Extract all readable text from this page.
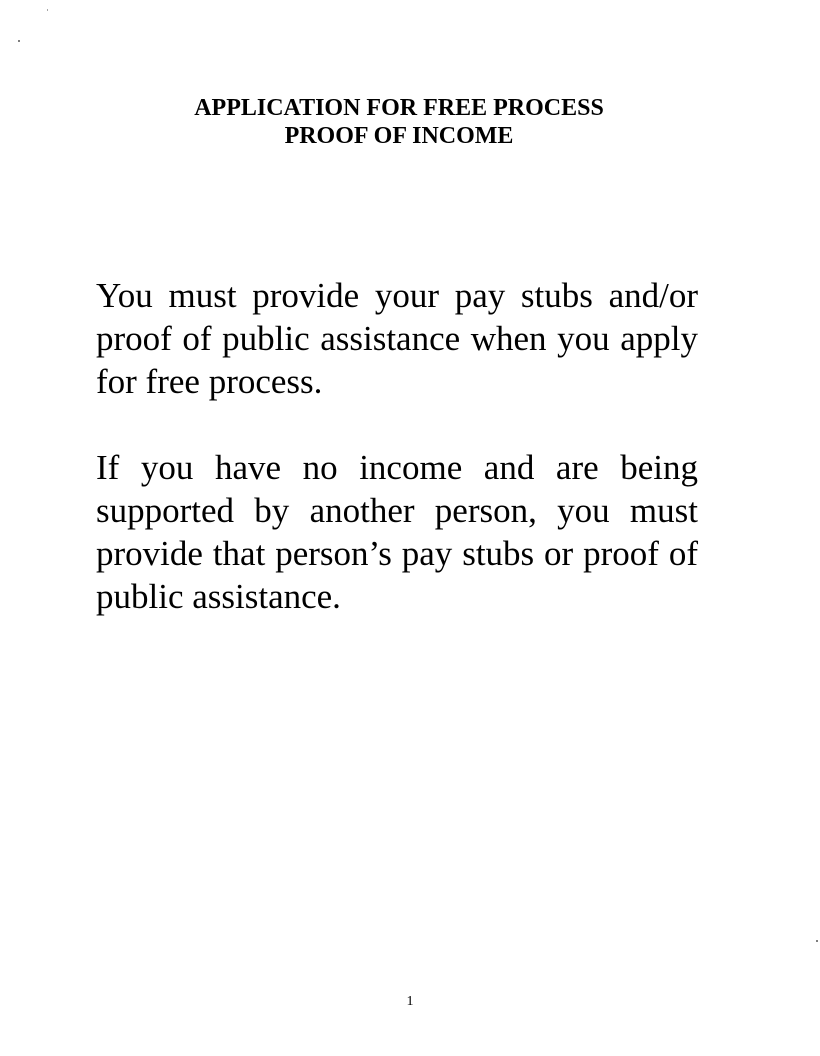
APPLICATION FOR FREE PROCESS
PROOF OF INCOME

You must provide your pay stubs and/or proof of public assistance when you apply for free process.

If you have no income and are being supported by another person, you must provide that person’s pay stubs or proof of public assistance.

1
